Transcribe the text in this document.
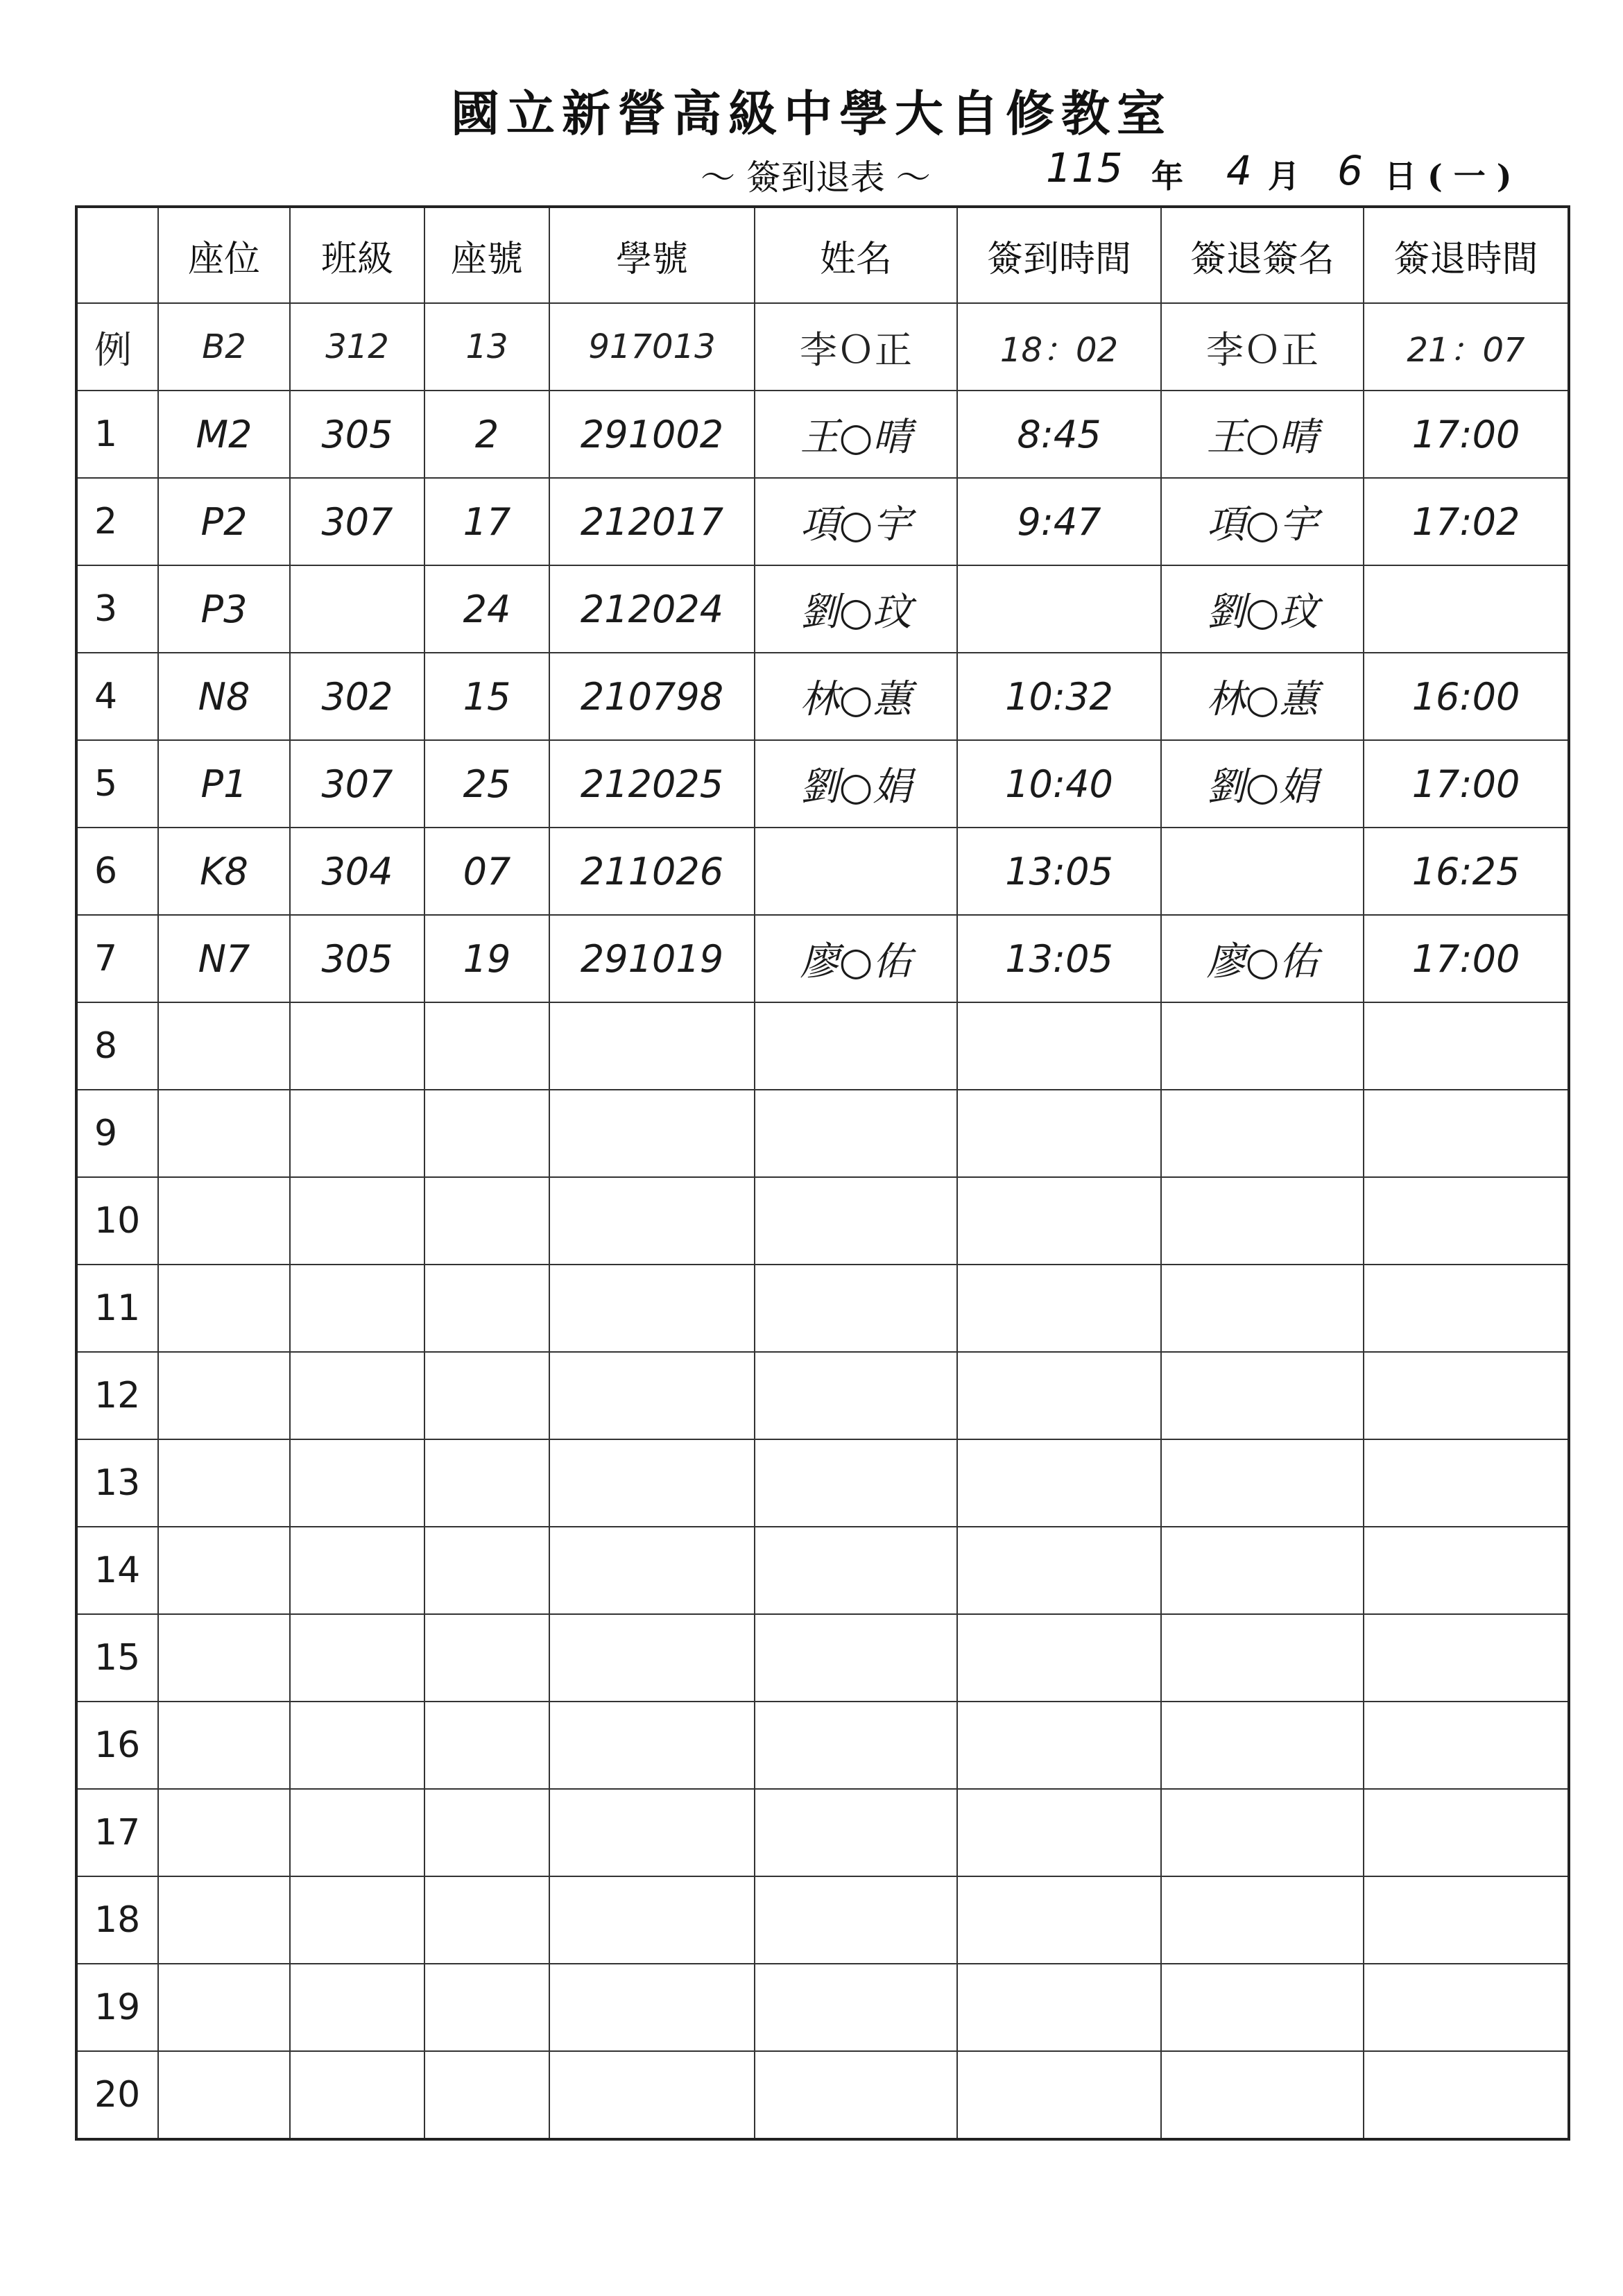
國立新營高級中學大自修教室
～ 簽到退表 ～	115 年 4 月 6 日 ( 一 )
	座位	班級	座號	學號	姓名	簽到時間	簽退簽名	簽退時間
例	B2	312	13	917013	李Ｏ正	18：02	李Ｏ正	21：07
1	M2	305	2	291002	王○晴	8:45	王○晴	17:00
2	P2	307	17	212017	項○宇	9:47	項○宇	17:02
3	P3		24	212024	劉○玟		劉○玟	
4	N8	302	15	210798	林○蕙	10:32	林○蕙	16:00
5	P1	307	25	212025	劉○娟	10:40	劉○娟	17:00
6	K8	304	07	211026		13:05		16:25
7	N7	305	19	291019	廖○佑	13:05	廖○佑	17:00
8								
9								
10								
11								
12								
13								
14								
15								
16								
17								
18								
19								
20								
